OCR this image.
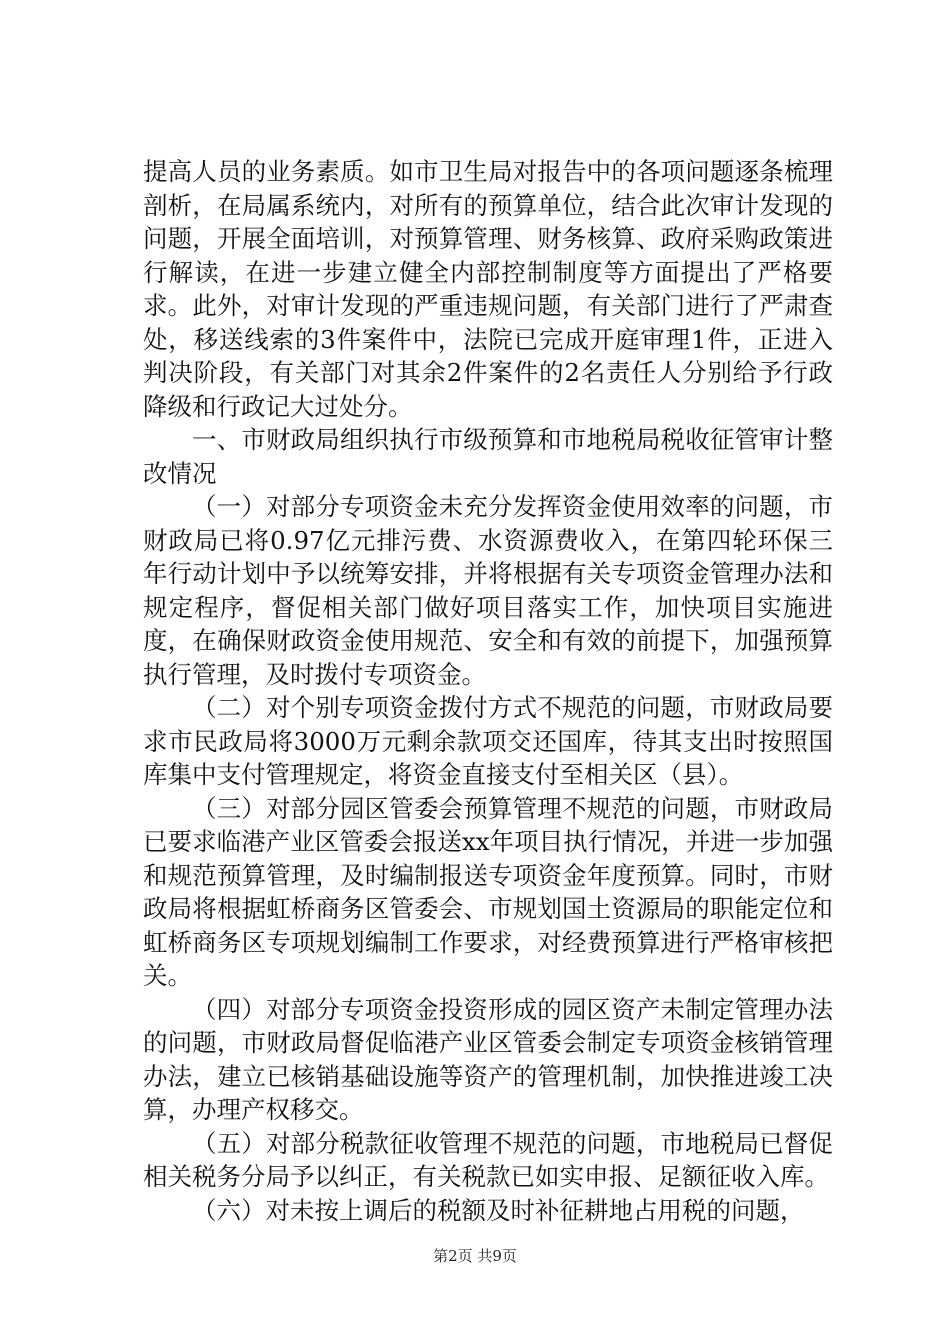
提高人员的业务素质。如市卫生局对报告中的各项问题逐条梳理剖析，在局属系统内，对所有的预算单位，结合此次审计发现的问题，开展全面培训，对预算管理、财务核算、政府采购政策进行解读，在进一步建立健全内部控制制度等方面提出了严格要求。此外，对审计发现的严重违规问题，有关部门进行了严肃查处，移送线索的3件案件中，法院已完成开庭审理1件，正进入判决阶段，有关部门对其余2件案件的2名责任人分别给予行政降级和行政记大过处分。

一、市财政局组织执行市级预算和市地税局税收征管审计整改情况

（一）对部分专项资金未充分发挥资金使用效率的问题，市财政局已将0.97亿元排污费、水资源费收入，在第四轮环保三年行动计划中予以统筹安排，并将根据有关专项资金管理办法和规定程序，督促相关部门做好项目落实工作，加快项目实施进度，在确保财政资金使用规范、安全和有效的前提下，加强预算执行管理，及时拨付专项资金。

（二）对个别专项资金拨付方式不规范的问题，市财政局要求市民政局将3000万元剩余款项交还国库，待其支出时按照国库集中支付管理规定，将资金直接支付至相关区（县）。

（三）对部分园区管委会预算管理不规范的问题，市财政局已要求临港产业区管委会报送xx年项目执行情况，并进一步加强和规范预算管理，及时编制报送专项资金年度预算。同时，市财政局将根据虹桥商务区管委会、市规划国土资源局的职能定位和虹桥商务区专项规划编制工作要求，对经费预算进行严格审核把关。

（四）对部分专项资金投资形成的园区资产未制定管理办法的问题，市财政局督促临港产业区管委会制定专项资金核销管理办法，建立已核销基础设施等资产的管理机制，加快推进竣工决算，办理产权移交。

（五）对部分税款征收管理不规范的问题，市地税局已督促相关税务分局予以纠正，有关税款已如实申报、足额征收入库。

（六）对未按上调后的税额及时补征耕地占用税的问题，

第2页 共9页
